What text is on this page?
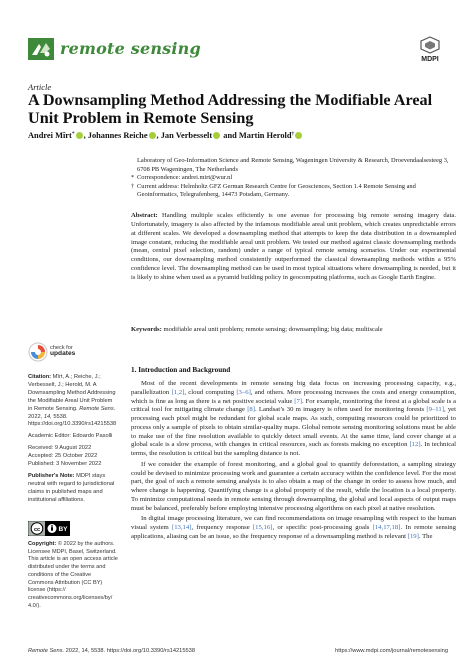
remote sensing
MDPI
Article
A Downsampling Method Addressing the Modifiable Areal Unit Problem in Remote Sensing
Andrei Mîrt* , Johannes Reiche , Jan Verbesselt and Martin Herold†
Laboratory of Geo-Information Science and Remote Sensing, Wageningen University & Research, Droevendaalsesteeg 3, 6708 PB Wageningen, The Netherlands
* Correspondence: andrei.mirt@wur.nl
† Current address: Helmholtz GFZ German Research Centre for Geosciences, Section 1.4 Remote Sensing and Geoinformatics, Telegrafenberg, 14473 Potsdam, Germany.
Abstract: Handling multiple scales efficiently is one avenue for processing big remote sensing imagery data. Unfortunately, imagery is also affected by the infamous modifiable areal unit problem, which creates unpredictable errors at different scales. We developed a downsampling method that attempts to keep the data distribution in a downsampled image constant, reducing the modifiable areal unit problem. We tested our method against classic downsampling methods (mean, central pixel selection, random) under a range of typical remote sensing scenarios. Under our experimental conditions, our downsampling method consistently outperformed the classical downsampling methods within a 95% confidence level. The downsampling method can be used in most typical situations where downsampling is needed, but it is likely to shine when used as a pyramid building policy in geocomputing platforms, such as Google Earth Engine.
Keywords: modifiable areal unit problem; remote sensing; downsampling; big data; multiscale
check for
updates
Citation: Mîrt, A.; Reiche, J.; Verbesselt, J.; Herold, M. A Downsampling Method Addressing the Modifiable Areal Unit Problem in Remote Sensing. Remote Sens. 2022, 14, 5538. https://doi.org/10.3390/rs14215538
Academic Editor: Edoardo Pasolli
Received: 9 August 2022
Accepted: 25 October 2022
Published: 3 November 2022
Publisher's Note: MDPI stays neutral with regard to jurisdictional claims in published maps and institutional affiliations.
cc	BY
Copyright: © 2022 by the authors. Licensee MDPI, Basel, Switzerland. This article is an open access article distributed under the terms and conditions of the Creative Commons Attribution (CC BY) license (https:// creativecommons.org/licenses/by/ 4.0/).
1. Introduction and Background

Most of the recent developments in remote sensing big data focus on increasing processing capacity, e.g., parallelization [1,2], cloud computing [3–6], and others. More processing increases the costs and energy consumption, which is fine as long as there is a net positive societal value [7]. For example, monitoring the forest at a global scale is a critical tool for mitigating climate change [8]. Landsat’s 30 m imagery is often used for monitoring forests [9–11], yet processing each pixel might be redundant for global scale maps. As such, computing resources could be prioritized to process only a sample of pixels to obtain similar-quality maps. Global remote sensing monitoring solutions must be able to make use of the fine resolution available to quickly detect small events. At the same time, land cover change at a global scale is a slow process, with changes in critical resources, such as forests making no exception [12]. In technical terms, the resolution is critical but the sampling distance is not.

If we consider the example of forest monitoring, and a global goal to quantify deforestation, a sampling strategy could be devised to minimize processing work and guarantee a certain accuracy within the confidence level. For the most part, the goal of such a remote sensing analysis is to also obtain a map of the change in order to assess how much, and where change is happening. Quantifying change is a global property of the result, while the location is a local property. To minimize computational needs in remote sensing through downsampling, the global and local aspects of output maps must be balanced, preferably before employing intensive processing algorithms on each pixel at native resolution.

In digital image processing literature, we can find recommendations on image resampling with respect to the human visual system [13,14], frequency response [15,16], or specific post-processing goals [14,17,18]. In remote sensing applications, aliasing can be an issue, so the frequency response of a downsampling method is relevant [19]. The

Remote Sens. 2022, 14, 5538. https://doi.org/10.3390/rs14215538	https://www.mdpi.com/journal/remotesensing
